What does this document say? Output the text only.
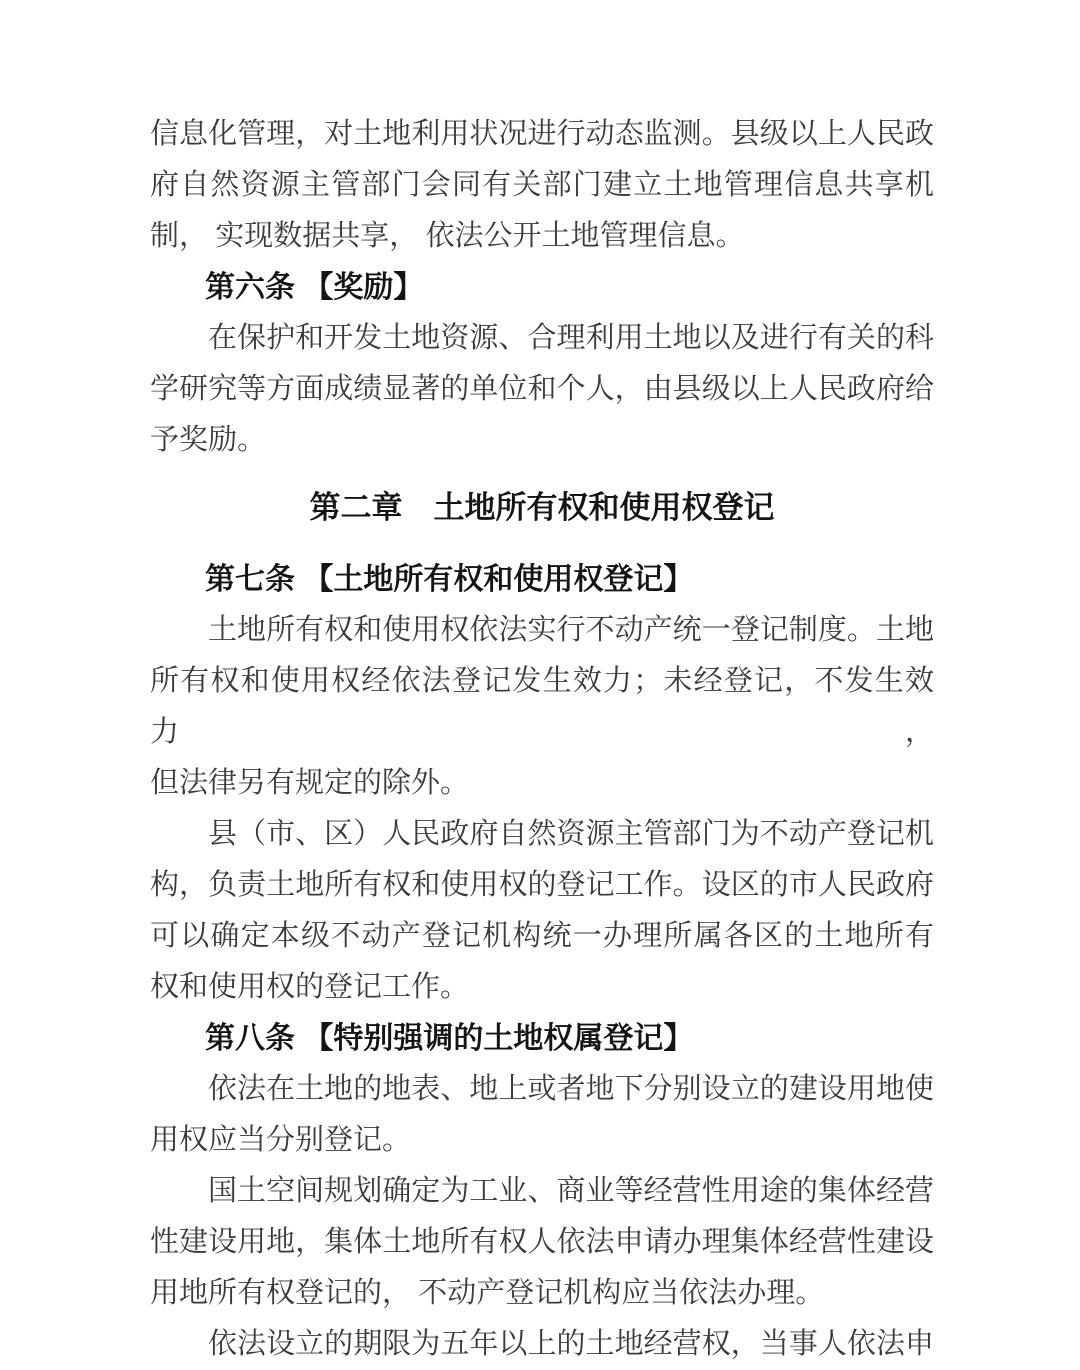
信息化管理，对土地利用状况进行动态监测。县级以上人民政
府自然资源主管部门会同有关部门建立土地管理信息共享机
制， 实现数据共享， 依法公开土地管理信息。
第六条 【奖励】
在保护和开发土地资源、合理利用土地以及进行有关的科
学研究等方面成绩显著的单位和个人，由县级以上人民政府给
予奖励。
第二章　土地所有权和使用权登记
第七条 【土地所有权和使用权登记】
土地所有权和使用权依法实行不动产统一登记制度。土地
所有权和使用权经依法登记发生效力；未经登记，不发生效力，
但法律另有规定的除外。
县（市、区）人民政府自然资源主管部门为不动产登记机
构，负责土地所有权和使用权的登记工作。设区的市人民政府
可以确定本级不动产登记机构统一办理所属各区的土地所有
权和使用权的登记工作。
第八条 【特别强调的土地权属登记】
依法在土地的地表、地上或者地下分别设立的建设用地使
用权应当分别登记。
国土空间规划确定为工业、商业等经营性用途的集体经营
性建设用地，集体土地所有权人依法申请办理集体经营性建设
用地所有权登记的， 不动产登记机构应当依法办理。
依法设立的期限为五年以上的土地经营权，当事人依法申
